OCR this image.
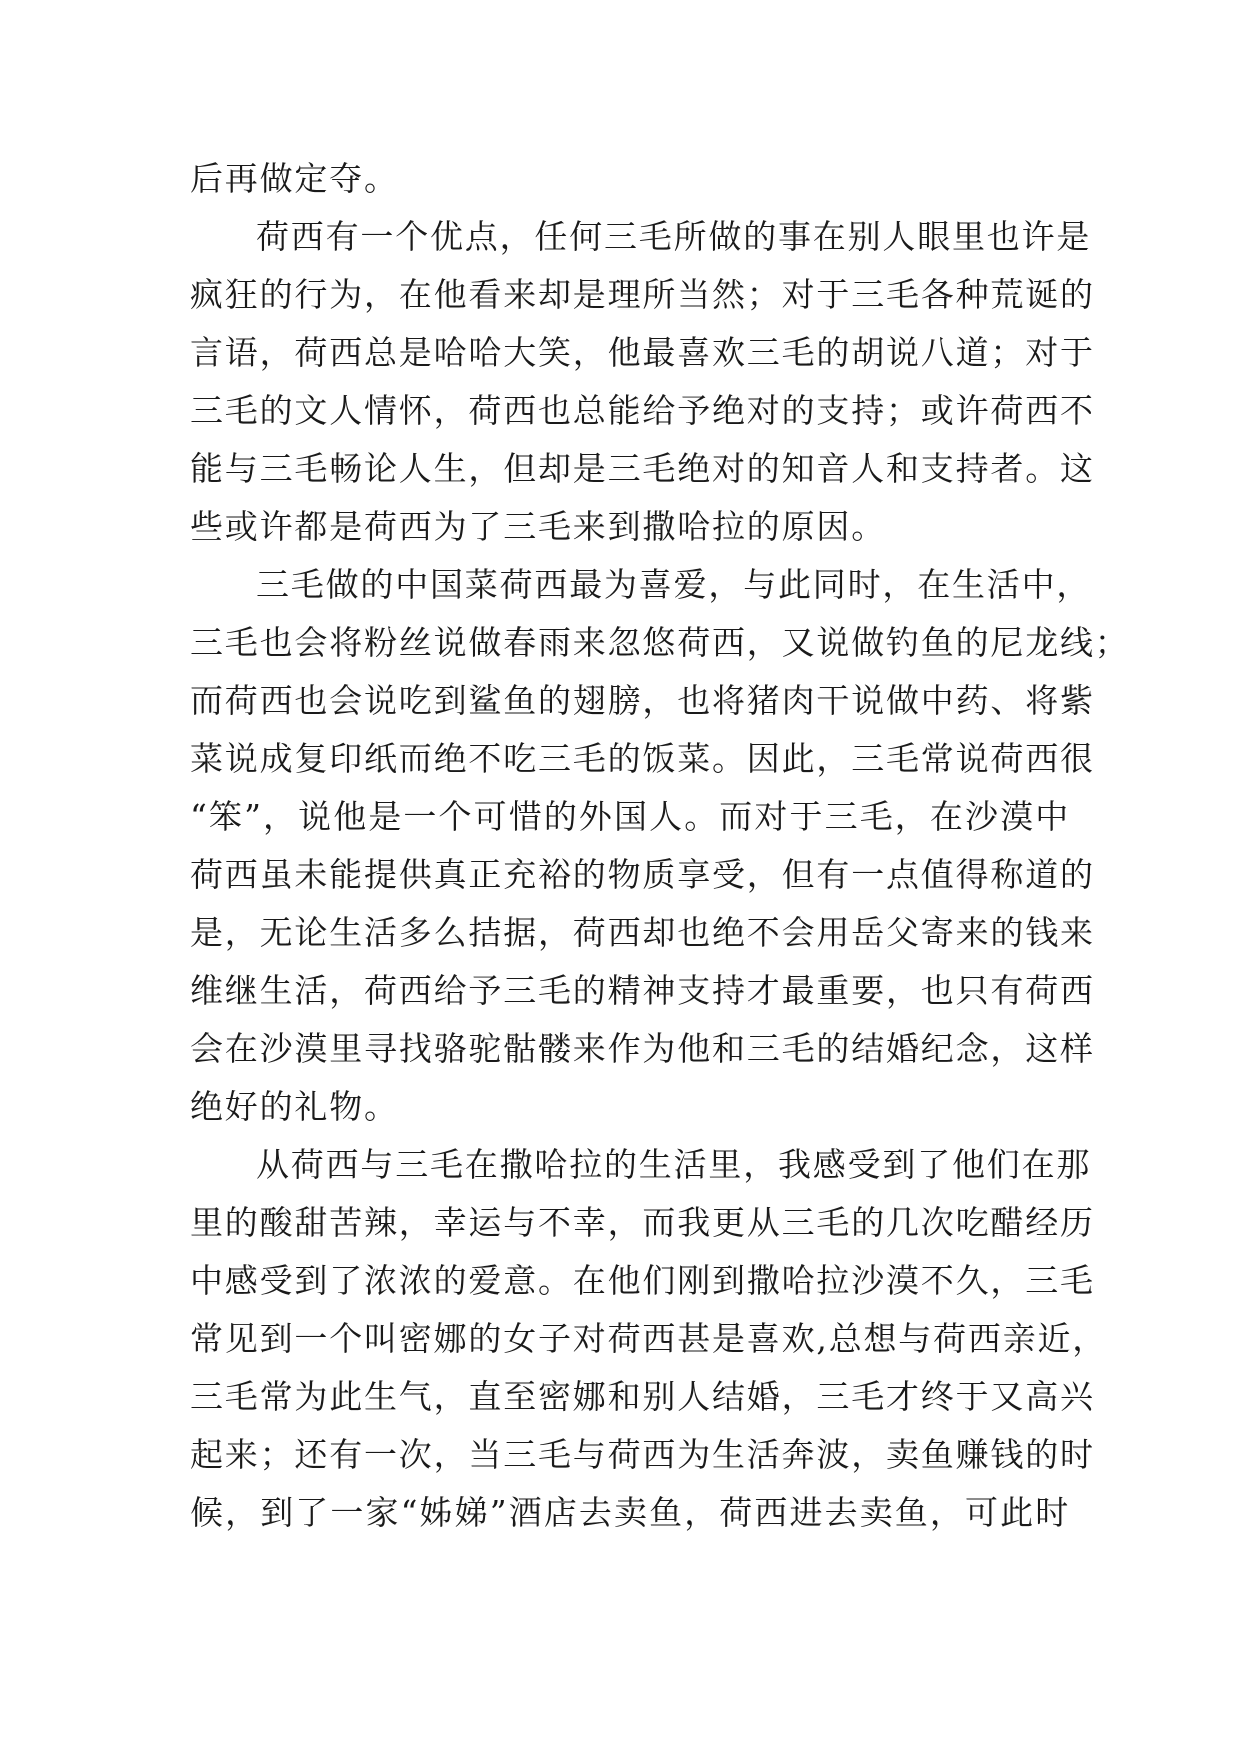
后再做定夺。
荷西有一个优点，任何三毛所做的事在别人眼里也许是
疯狂的行为，在他看来却是理所当然；对于三毛各种荒诞的
言语，荷西总是哈哈大笑，他最喜欢三毛的胡说八道；对于
三毛的文人情怀，荷西也总能给予绝对的支持；或许荷西不
能与三毛畅论人生，但却是三毛绝对的知音人和支持者。这
些或许都是荷西为了三毛来到撒哈拉的原因。
三毛做的中国菜荷西最为喜爱，与此同时，在生活中，
三毛也会将粉丝说做春雨来忽悠荷西，又说做钓鱼的尼龙线；
而荷西也会说吃到鲨鱼的翅膀，也将猪肉干说做中药、将紫
菜说成复印纸而绝不吃三毛的饭菜。因此，三毛常说荷西很
“笨”，说他是一个可惜的外国人。而对于三毛，在沙漠中
荷西虽未能提供真正充裕的物质享受，但有一点值得称道的
是，无论生活多么拮据，荷西却也绝不会用岳父寄来的钱来
维继生活，荷西给予三毛的精神支持才最重要，也只有荷西
会在沙漠里寻找骆驼骷髅来作为他和三毛的结婚纪念，这样
绝好的礼物。
从荷西与三毛在撒哈拉的生活里，我感受到了他们在那
里的酸甜苦辣，幸运与不幸，而我更从三毛的几次吃醋经历
中感受到了浓浓的爱意。在他们刚到撒哈拉沙漠不久，三毛
常见到一个叫密娜的女子对荷西甚是喜欢,总想与荷西亲近，
三毛常为此生气，直至密娜和别人结婚，三毛才终于又高兴
起来；还有一次，当三毛与荷西为生活奔波，卖鱼赚钱的时
候，到了一家“姊娣”酒店去卖鱼，荷西进去卖鱼，可此时
